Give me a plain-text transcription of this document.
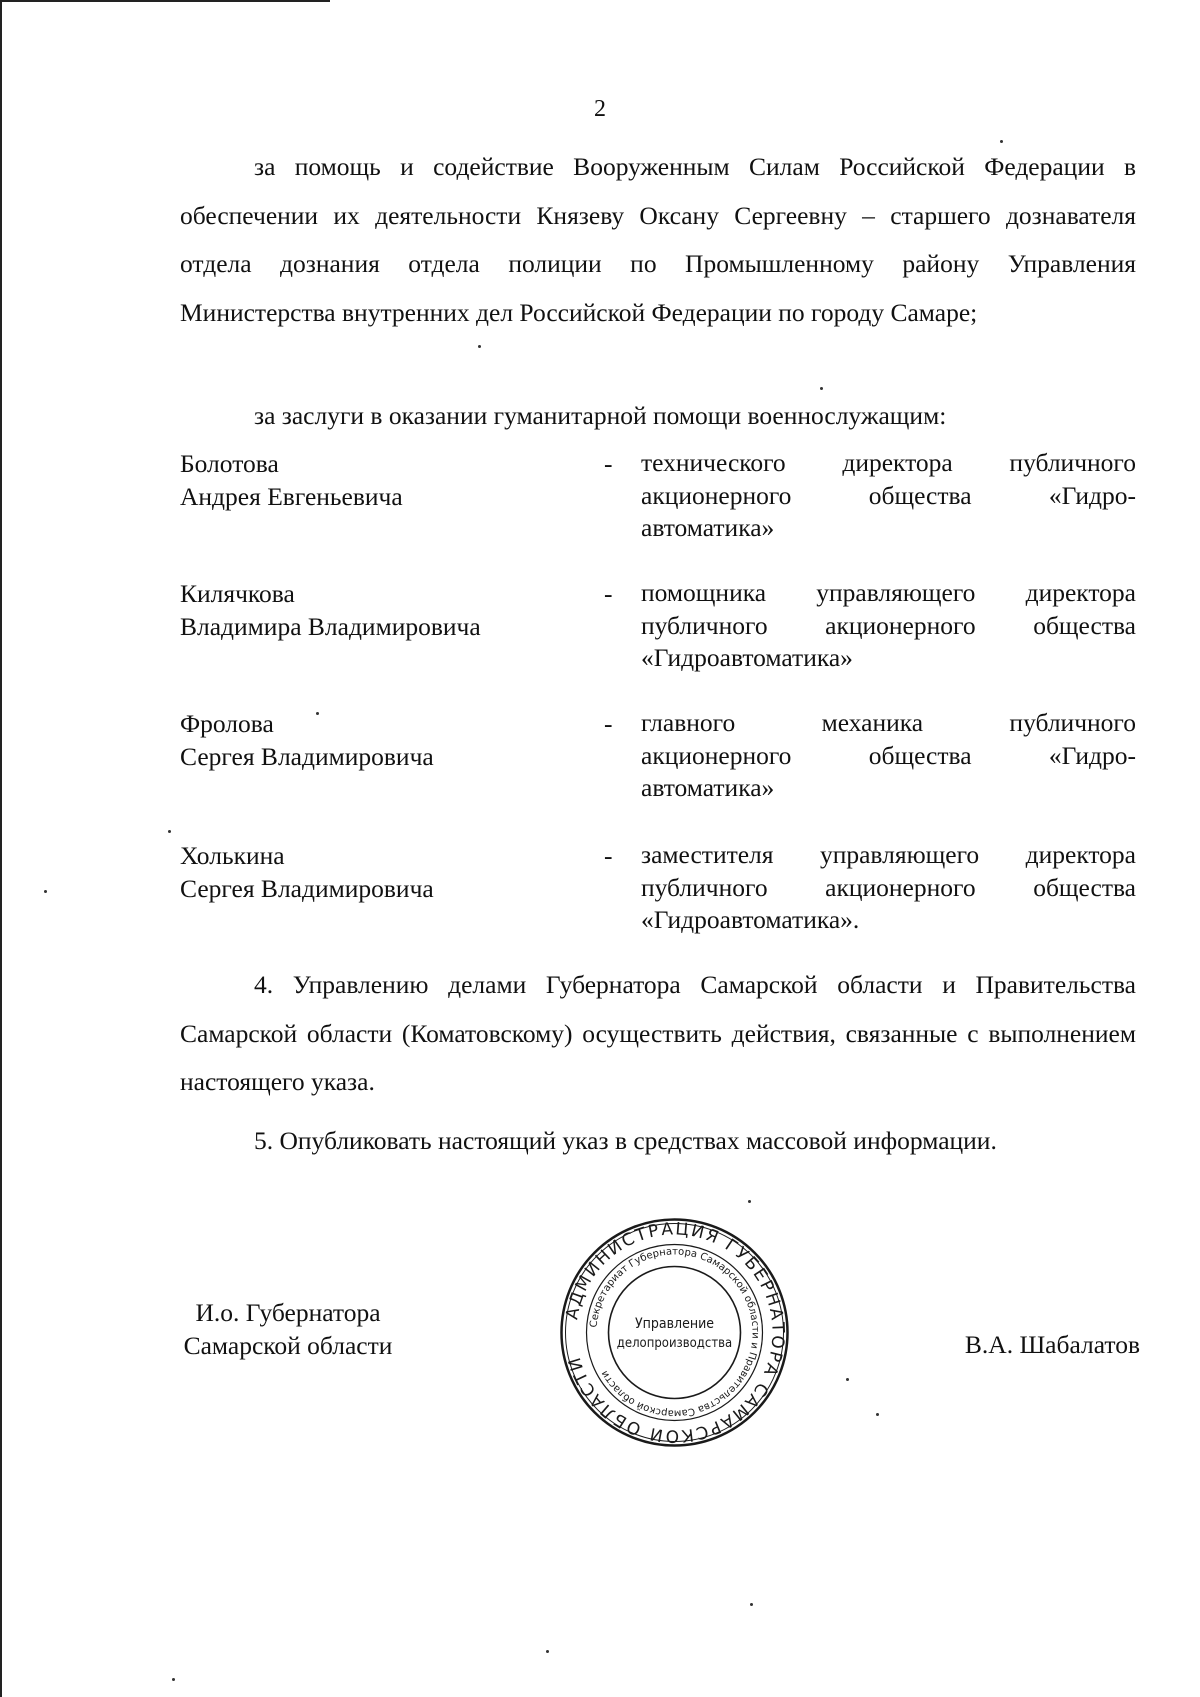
2

за помощь и содействие Вооруженным Силам Российской Федерации в обеспечении их деятельности Князеву Оксану Сергеевну – старшего дознавателя отдела дознания отдела полиции по Промышленному району Управления Министерства внутренних дел Российской Федерации по городу Самаре;

за заслуги в оказании гуманитарной помощи военнослужащим:

Болотова
Андрея Евгеньевича
- технического директора публичного
акционерного общества «Гидро-
автоматика»
Килячкова
Владимира Владимировича
- помощника управляющего директора
публичного акционерного общества
«Гидроавтоматика»
Фролова
Сергея Владимировича
- главного механика публичного
акционерного общества «Гидро-
автоматика»
Холькина
Сергея Владимировича
- заместителя управляющего директора
публичного акционерного общества
«Гидроавтоматика».

4. Управлению делами Губернатора Самарской области и Правительства Самарской области (Коматовскому) осуществить действия, связанные с выполнением настоящего указа.

5. Опубликовать настоящий указ в средствах массовой информации.

И.о. Губернатора
Самарской области
АДМИНИСТРАЦИЯ ГУБЕРНАТОРА САМАРСКОЙ ОБЛАСТИ
Секретариат Губернатора Самарской области и Правительства Самарской области
Управление
делопроизводства	В.А. Шабалатов
